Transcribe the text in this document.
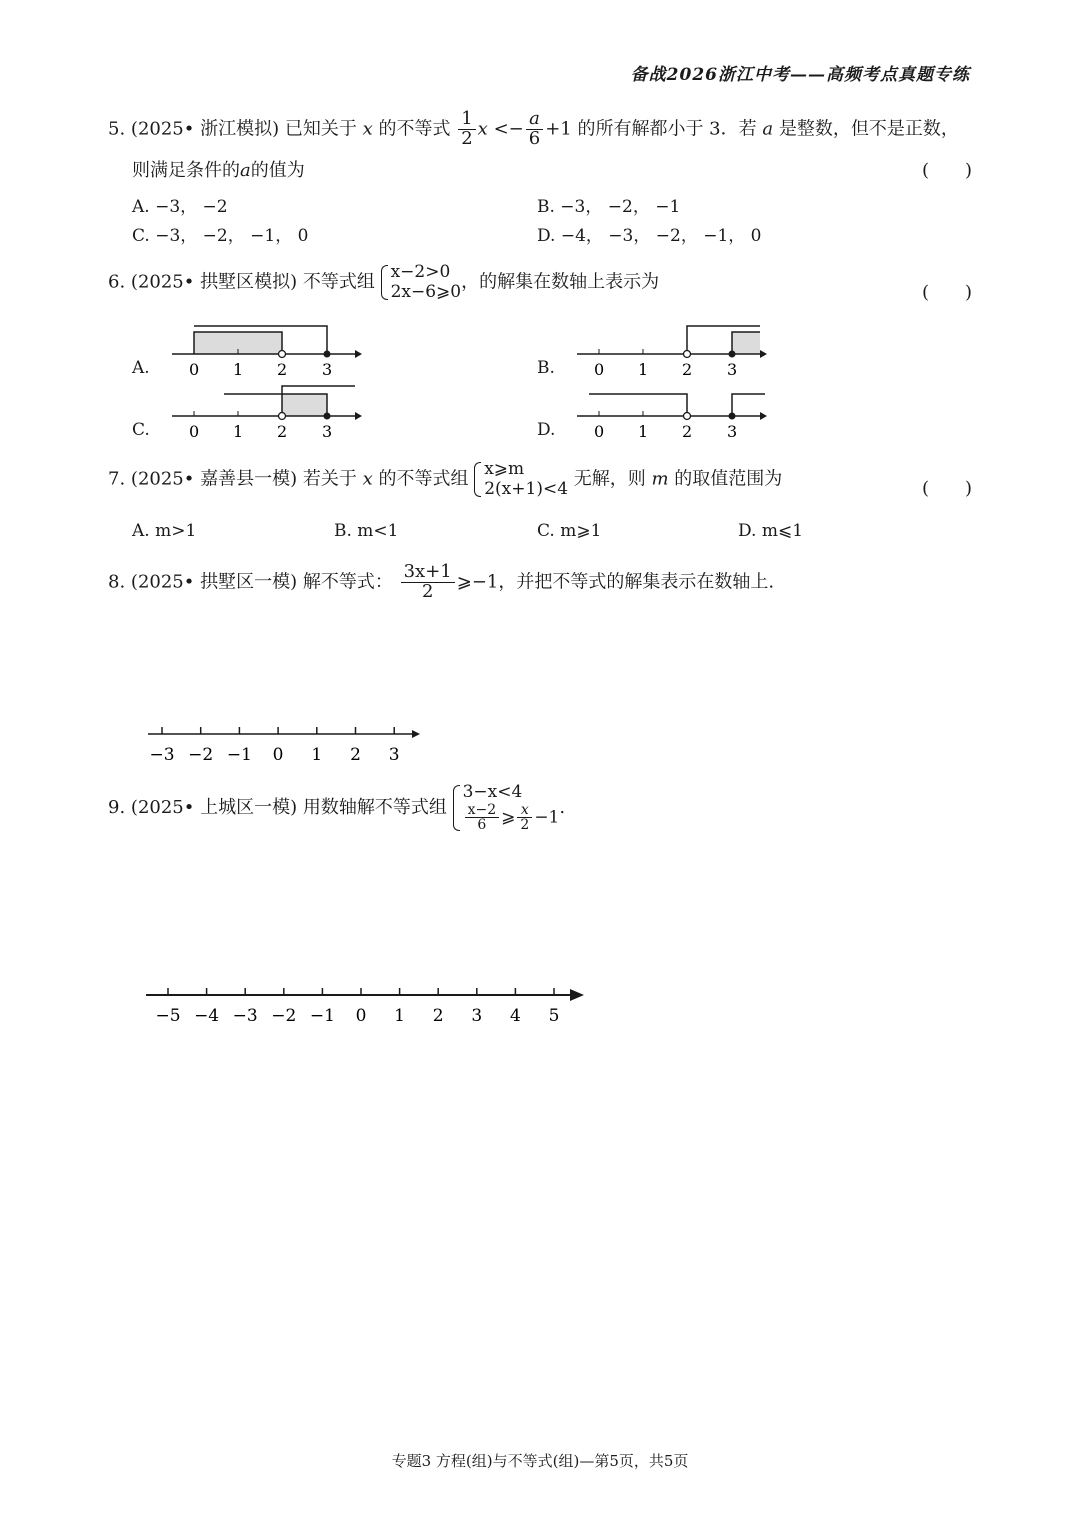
备战2026浙江中考——高频考点真题专练
5. (2025• 浙江模拟) 已知关于 x 的不等式 $\frac{1}{2}$ $x <- \frac{a}{6} +1$ 的所有解都小于 3．若 a 是整数，但不是正数，
则满足条件的a的值为	(　　)
A. −3， −2	B. −3， −2， −1
C. −3， −2， −1， 0	D. −4， −3， −2， −1， 0
6. (2025• 拱墅区模拟) 不等式组 x−2>0
2x−6⩾0 ，的解集在数轴上表示为	(　　)
A.	B.
C.	D.
0 1 2 3	0 1 2 3
0 1 2 3	0 1 2 3
7. (2025• 嘉善县一模) 若关于 x 的不等式组 x⩾m
2(x+1)<4 无解，则 m 的取值范围为	(　　)
A. m>1	B. m<1	C. m⩾1	D. m⩽1
8. (2025• 拱墅区一模) 解不等式： $\frac{3x+1}{2}$ ⩾−1，并把不等式的解集表示在数轴上.
−3 −2 −1 0 1 2 3
9. (2025• 上城区一模) 用数轴解不等式组
3−x<4
$\frac{x-2}{6}$ ⩾ $\frac{x}{2} -1$ .
−5 −4 −3 −2 −1 0 1 2 3 4 5
专题3 方程(组)与不等式(组)—第5页，共5页
